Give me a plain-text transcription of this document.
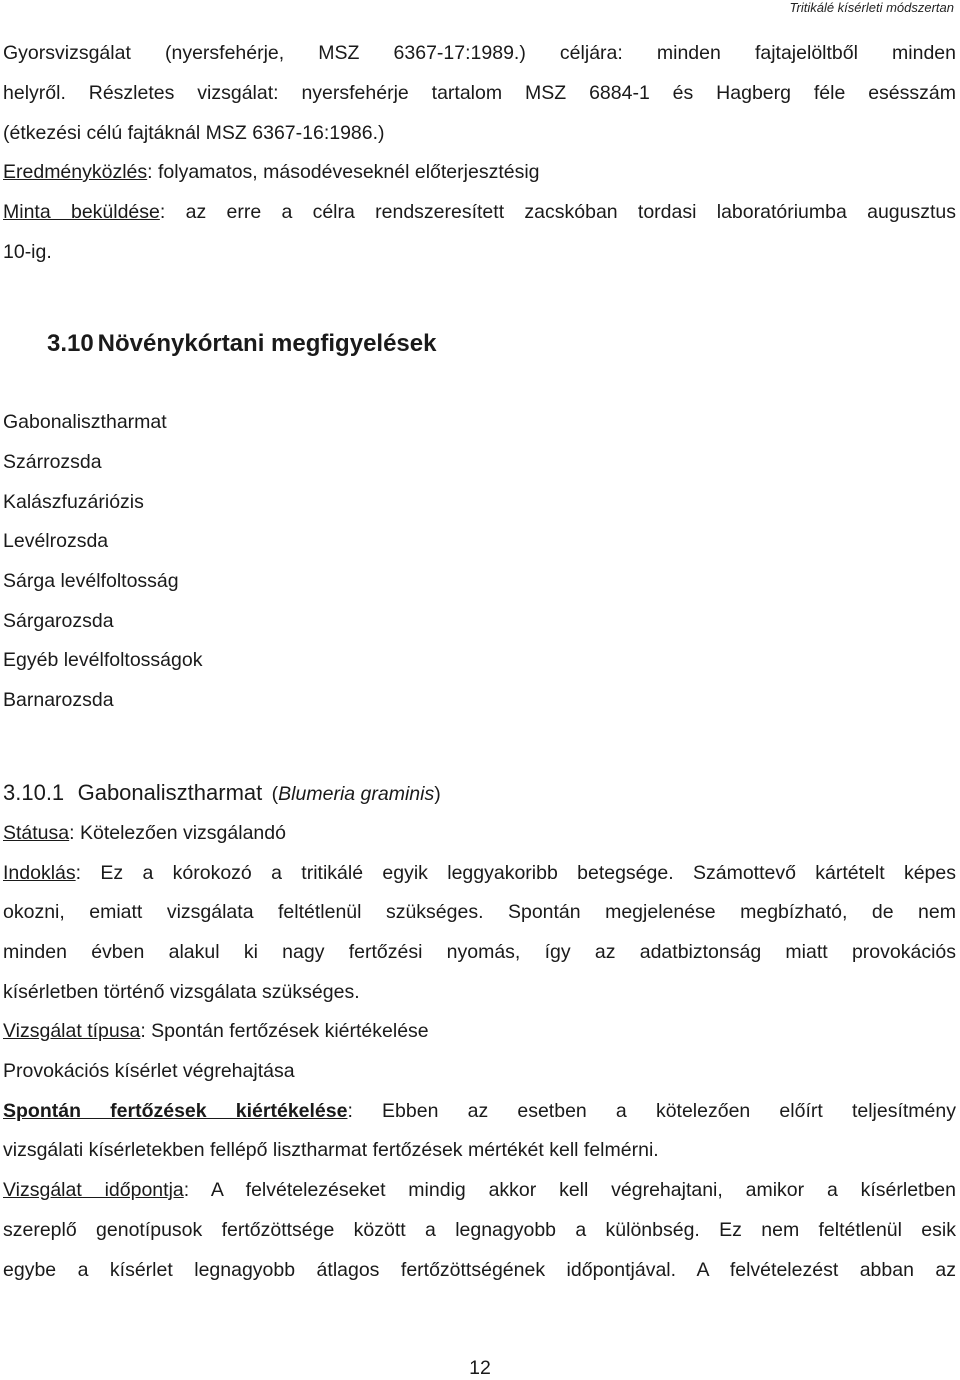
Tritikálé kísérleti módszertan
Gyorsvizsgálat (nyersfehérje, MSZ 6367-17:1989.) céljára: minden fajtajelöltből minden
helyről. Részletes vizsgálat: nyersfehérje tartalom MSZ 6884-1 és Hagberg féle esésszám
(étkezési célú fajtáknál MSZ 6367-16:1986.)
Eredményközlés: folyamatos, másodéveseknél előterjesztésig
Minta beküldése: az erre a célra rendszeresített zacskóban tordasi laboratóriumba augusztus
10-ig.
3.10 Növénykórtani megfigyelések
Gabonalisztharmat
Szárrozsda
Kalászfuzáriózis
Levélrozsda
Sárga levélfoltosság
Sárgarozsda
Egyéb levélfoltosságok
Barnarozsda
3.10.1 Gabonalisztharmat (Blumeria graminis)
Státusa: Kötelezően vizsgálandó
Indoklás: Ez a kórokozó a tritikálé egyik leggyakoribb betegsége. Számottevő kártételt képes
okozni, emiatt vizsgálata feltétlenül szükséges. Spontán megjelenése megbízható, de nem
minden évben alakul ki nagy fertőzési nyomás, így az adatbiztonság miatt provokációs
kísérletben történő vizsgálata szükséges.
Vizsgálat típusa: Spontán fertőzések kiértékelése
Provokációs kísérlet végrehajtása
Spontán fertőzések kiértékelése: Ebben az esetben a kötelezően előírt teljesítmény
vizsgálati kísérletekben fellépő lisztharmat fertőzések mértékét kell felmérni.
Vizsgálat időpontja: A felvételezéseket mindig akkor kell végrehajtani, amikor a kísérletben
szereplő genotípusok fertőzöttsége között a legnagyobb a különbség. Ez nem feltétlenül esik
egybe a kísérlet legnagyobb átlagos fertőzöttségének időpontjával. A felvételezést abban az
12
